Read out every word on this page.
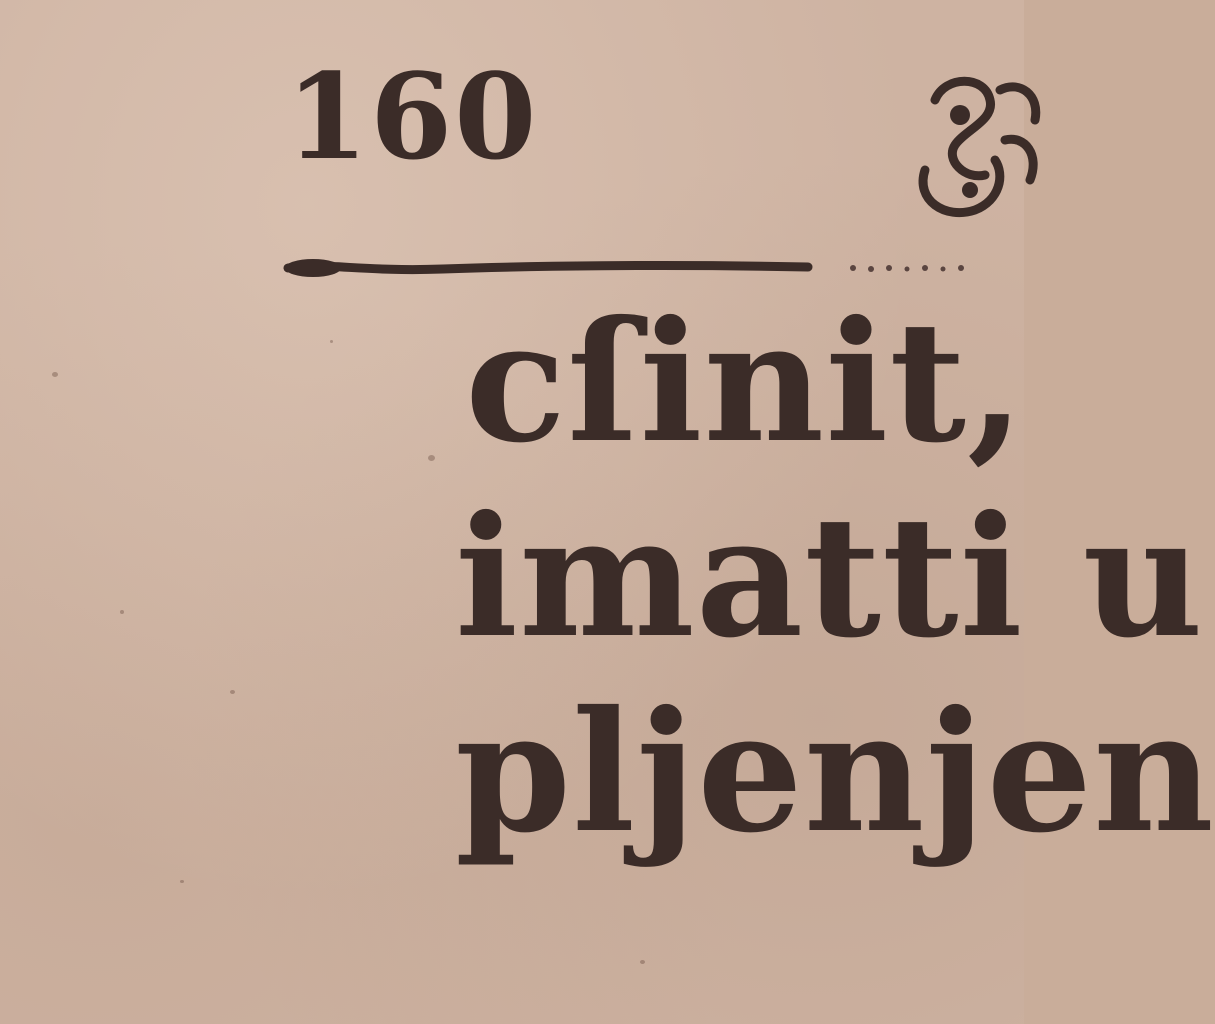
160
cſinit,
imatti u
pljenjen
